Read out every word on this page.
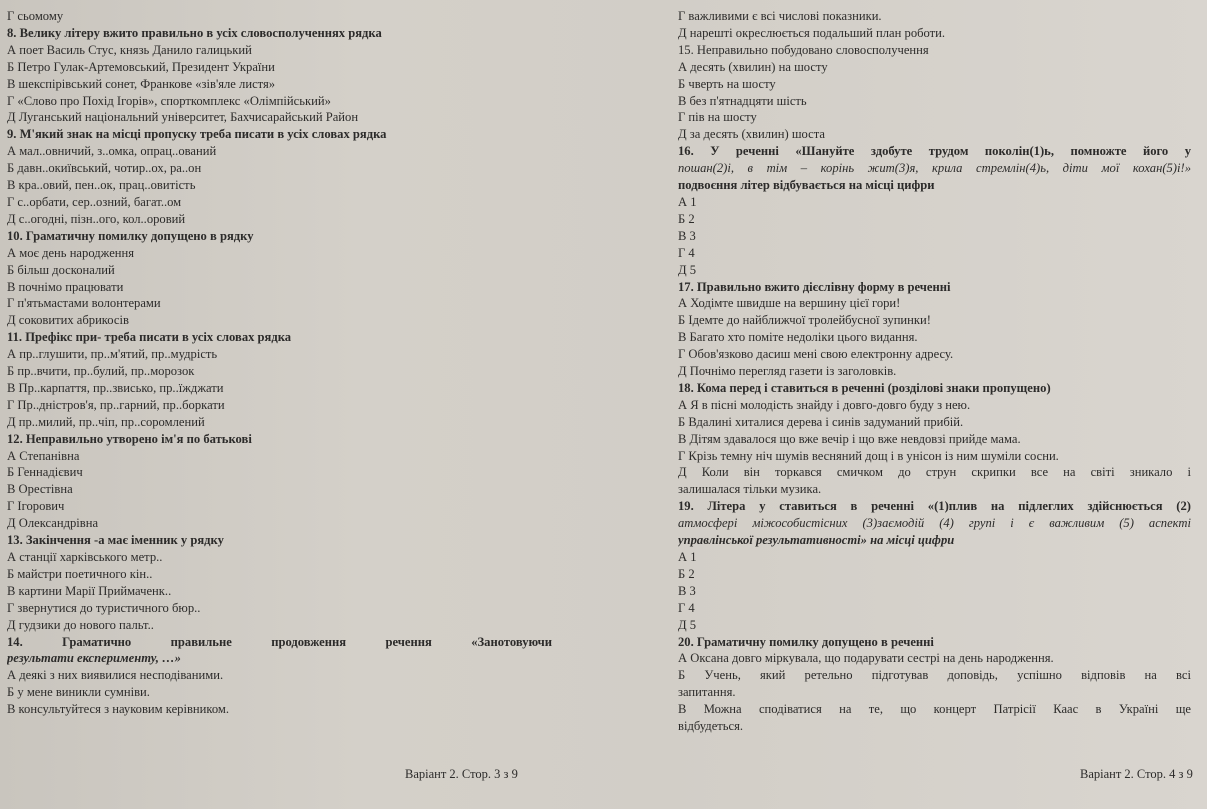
Г сьомому
8. Велику літеру вжито правильно в усіх словосполученнях рядка
А поет Василь Стус, князь Данило галицький
Б Петро Гулак-Артемовський, Президент України
В шекспірівський сонет, Франкове «зів'яле листя»
Г «Слово про Похід Ігорів», спорткомплекс «Олімпійський»
Д Луганський національний університет, Бахчисарайський Район
9. М'який знак на місці пропуску треба писати в усіх словах рядка
А мал..овничий, з..омка, опрац..ований
Б давн..окиївський, чотир..ох, ра..он
В кра..овий, пен..ок, прац..овитість
Г с..орбати, сер..озний, багат..ом
Д с..огодні, пізн..ого, кол..оровий
10. Граматичну помилку допущено в рядку
А моє день народження
Б більш досконалий
В почнімо працювати
Г п'ятьмастами волонтерами
Д соковитих абрикосів
11. Префікс при- треба писати в усіх словах рядка
А пр..глушити, пр..м'ятий, пр..мудрість
Б пр..вчити, пр..булий, пр..морозок
В Пр..карпаття, пр..звисько, пр..їжджати
Г Пр..дністров'я, пр..гарний, пр..боркати
Д пр..милий, пр..чіп, пр..соромлений
12. Неправильно утворено ім'я по батькові
А Степанівна
Б Геннадієвич
В Орестівна
Г Ігорович
Д Олександрівна
13. Закінчення -а має іменник у рядку
А станції харківського метр..
Б майстри поетичного кін..
В картини Марії Приймаченк..
Г звернутися до туристичного бюр..
Д гудзики до нового пальт..
14. Граматично правильне продовження речення «Занотовуючи
результати експерименту, …»
А деякі з них виявилися несподіваними.
Б у мене виникли сумніви.
В консультуйтеся з науковим керівником.
Г важливими є всі числові показники.
Д нарешті окреслюється подальший план роботи.
15. Неправильно побудовано словосполучення
А десять (хвилин) на шосту
Б чверть на шосту
В без п'ятнадцяти шість
Г пів на шосту
Д за десять (хвилин) шоста
16. У реченні «Шануйте здобуте трудом поколін(1)ь, помножте його у
пошан(2)і, в тім – корінь жит(3)я, крила стремлін(4)ь, діти мої кохан(5)і!»
подвоєння літер відбувається на місці цифри
А 1
Б 2
В 3
Г 4
Д 5
17. Правильно вжито дієслівну форму в реченні
А Ходімте швидше на вершину цієї гори!
Б Ідемте до найближчої тролейбусної зупинки!
В Багато хто поміте недоліки цього видання.
Г Обов'язково дасиш мені свою електронну адресу.
Д Почнімо перегляд газети із заголовків.
18. Кома перед і ставиться в реченні (розділові знаки пропущено)
А Я в пісні молодість знайду і довго-довго буду з нею.
Б Вдалині хиталися дерева і синів задуманий прибій.
В Дітям здавалося що вже вечір і що вже невдовзі прийде мама.
Г Крізь темну ніч шумів весняний дощ і в унісон із ним шуміли сосни.
Д Коли він торкався смичком до струн скрипки все на світі зникало і
залишалася тільки музика.
19. Літера у ставиться в реченні «(1)плив на підлеглих здійснюється (2)
атмосфері міжособистісних (3)заємодій (4) групі і є важливим (5) аспекті
управлінської результативності» на місці цифри
А 1
Б 2
В 3
Г 4
Д 5
20. Граматичну помилку допущено в реченні
А Оксана довго міркувала, що подарувати сестрі на день народження.
Б Учень, який ретельно підготував доповідь, успішно відповів на всі
запитання.
В Можна сподіватися на те, що концерт Патрісії Каас в Україні ще
відбудеться.
Варіант 2. Стор. 3 з 9	Варіант 2. Стор. 4 з 9
